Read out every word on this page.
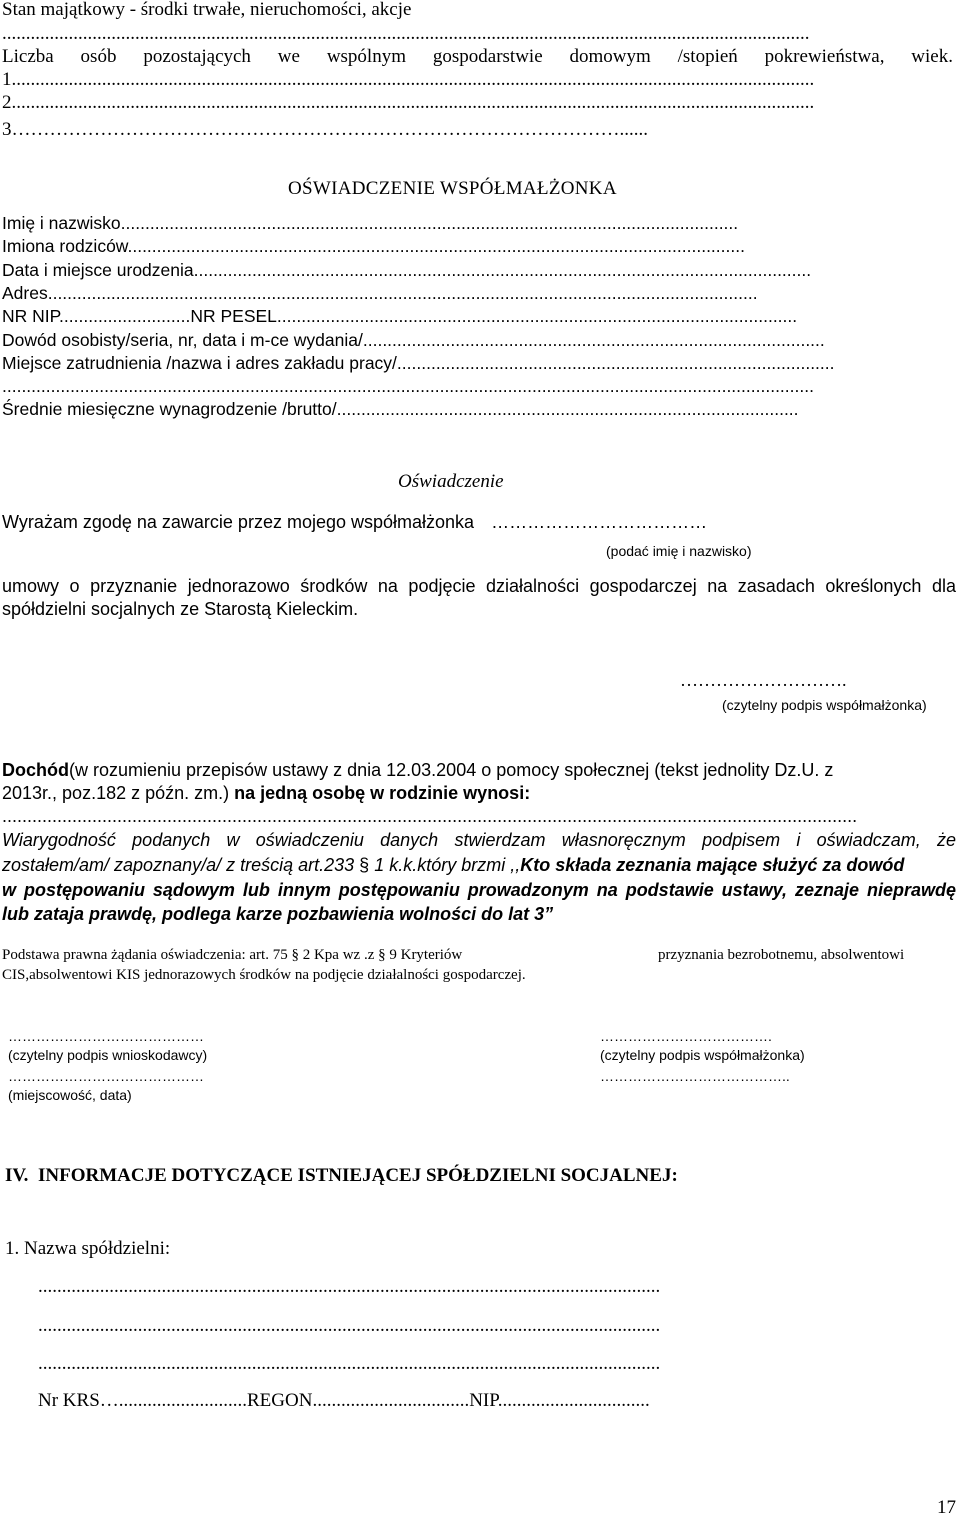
Stan majątkowy - środki trwałe, nieruchomości, akcje
..........................................................................................................................................................................
Liczba osób pozostających we wspólnym gospodarstwie domowym /stopień pokrewieństwa, wiek.
1.........................................................................................................................................................................
2.........................................................................................................................................................................
3……………………………………………………………………………………......
OŚWIADCZENIE WSPÓŁMAŁŻONKA
Imię i nazwisko...............................................................................................................................
Imiona rodziców...............................................................................................................................
Data i miejsce urodzenia...............................................................................................................................
Adres..................................................................................................................................................
NR NIP...........................NR PESEL...........................................................................................................
Dowód osobisty/seria, nr, data i m-ce wydania/...............................................................................................
Miejsce zatrudnienia /nazwa i adres zakładu pracy/..........................................................................................
.......................................................................................................................................................................
Średnie miesięczne wynagrodzenie /brutto/...............................................................................................
Oświadczenie
Wyrażam zgodę na zawarcie przez mojego współmałżonka ………………………………
(podać imię i nazwisko)
umowy o przyznanie jednorazowo środków na podjęcie działalności gospodarczej na zasadach określonych dla
spółdzielni socjalnych ze Starostą Kieleckim.
……………………….
(czytelny podpis współmałżonka)
Dochód(w rozumieniu przepisów ustawy z dnia 12.03.2004 o pomocy społecznej (tekst jednolity Dz.U. z
2013r., poz.182 z późn. zm.) na jedną osobę w rodzinie wynosi:
...........................................................................................................................................................................
Wiarygodność podanych w oświadczeniu danych stwierdzam własnoręcznym podpisem i oświadczam, że
zostałem/am/ zapoznany/a/ z treścią art.233 § 1 k.k.który brzmi ,,Kto składa zeznania mające służyć za dowód
w postępowaniu sądowym lub innym postępowaniu prowadzonym na podstawie ustawy, zeznaje nieprawdę
lub zataja prawdę, podlega karze pozbawienia wolności do lat 3”
Podstawa prawna żądania oświadczenia: art. 75 § 2 Kpa wz .z § 9 Kryteriów	przyznania bezrobotnemu, absolwentowi
CIS,absolwentowi KIS jednorazowych środków na podjęcie działalności gospodarczej.
……………………………………
(czytelny podpis wnioskodawcy)
……………………………………
(miejscowość, data)
……………………………….
(czytelny podpis współmałżonka)
…………………………………..
IV. INFORMACJE DOTYCZĄCE ISTNIEJĄCEJ SPÓŁDZIELNI SOCJALNEJ:
1. Nazwa spółdzielni:
...................................................................................................................................
...................................................................................................................................
...................................................................................................................................
Nr KRS…...........................REGON.................................NIP................................
17
